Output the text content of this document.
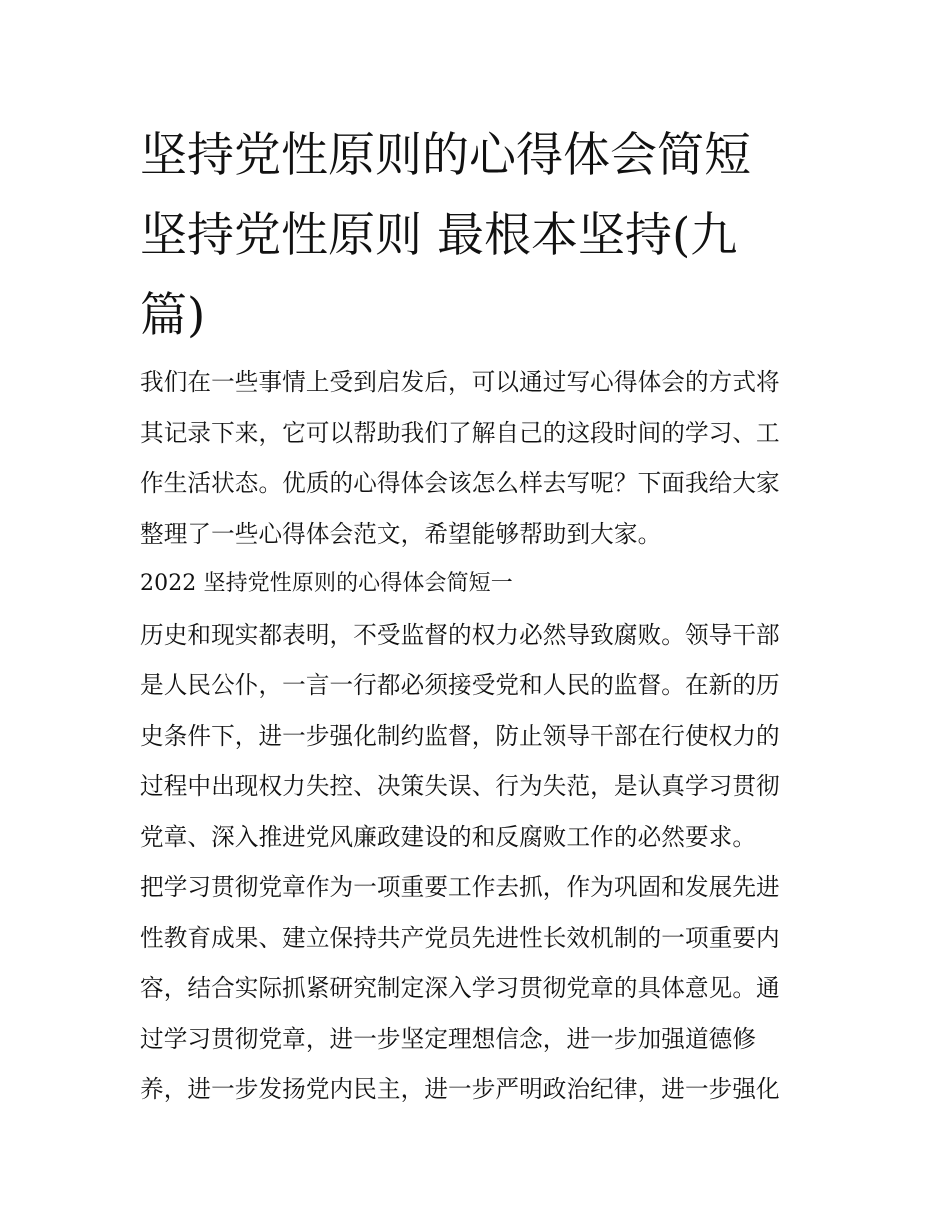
坚持党性原则的心得体会简短
坚持党性原则 最根本坚持(九
篇)
我们在一些事情上受到启发后，可以通过写心得体会的方式将
其记录下来，它可以帮助我们了解自己的这段时间的学习、工
作生活状态。优质的心得体会该怎么样去写呢？下面我给大家
整理了一些心得体会范文，希望能够帮助到大家。
2022 坚持党性原则的心得体会简短一
历史和现实都表明，不受监督的权力必然导致腐败。领导干部
是人民公仆，一言一行都必须接受党和人民的监督。在新的历
史条件下，进一步强化制约监督，防止领导干部在行使权力的
过程中出现权力失控、决策失误、行为失范，是认真学习贯彻
党章、深入推进党风廉政建设的和反腐败工作的必然要求。
把学习贯彻党章作为一项重要工作去抓，作为巩固和发展先进
性教育成果、建立保持共产党员先进性长效机制的一项重要内
容，结合实际抓紧研究制定深入学习贯彻党章的具体意见。通
过学习贯彻党章，进一步坚定理想信念，进一步加强道德修
养，进一步发扬党内民主，进一步严明政治纪律，进一步强化
